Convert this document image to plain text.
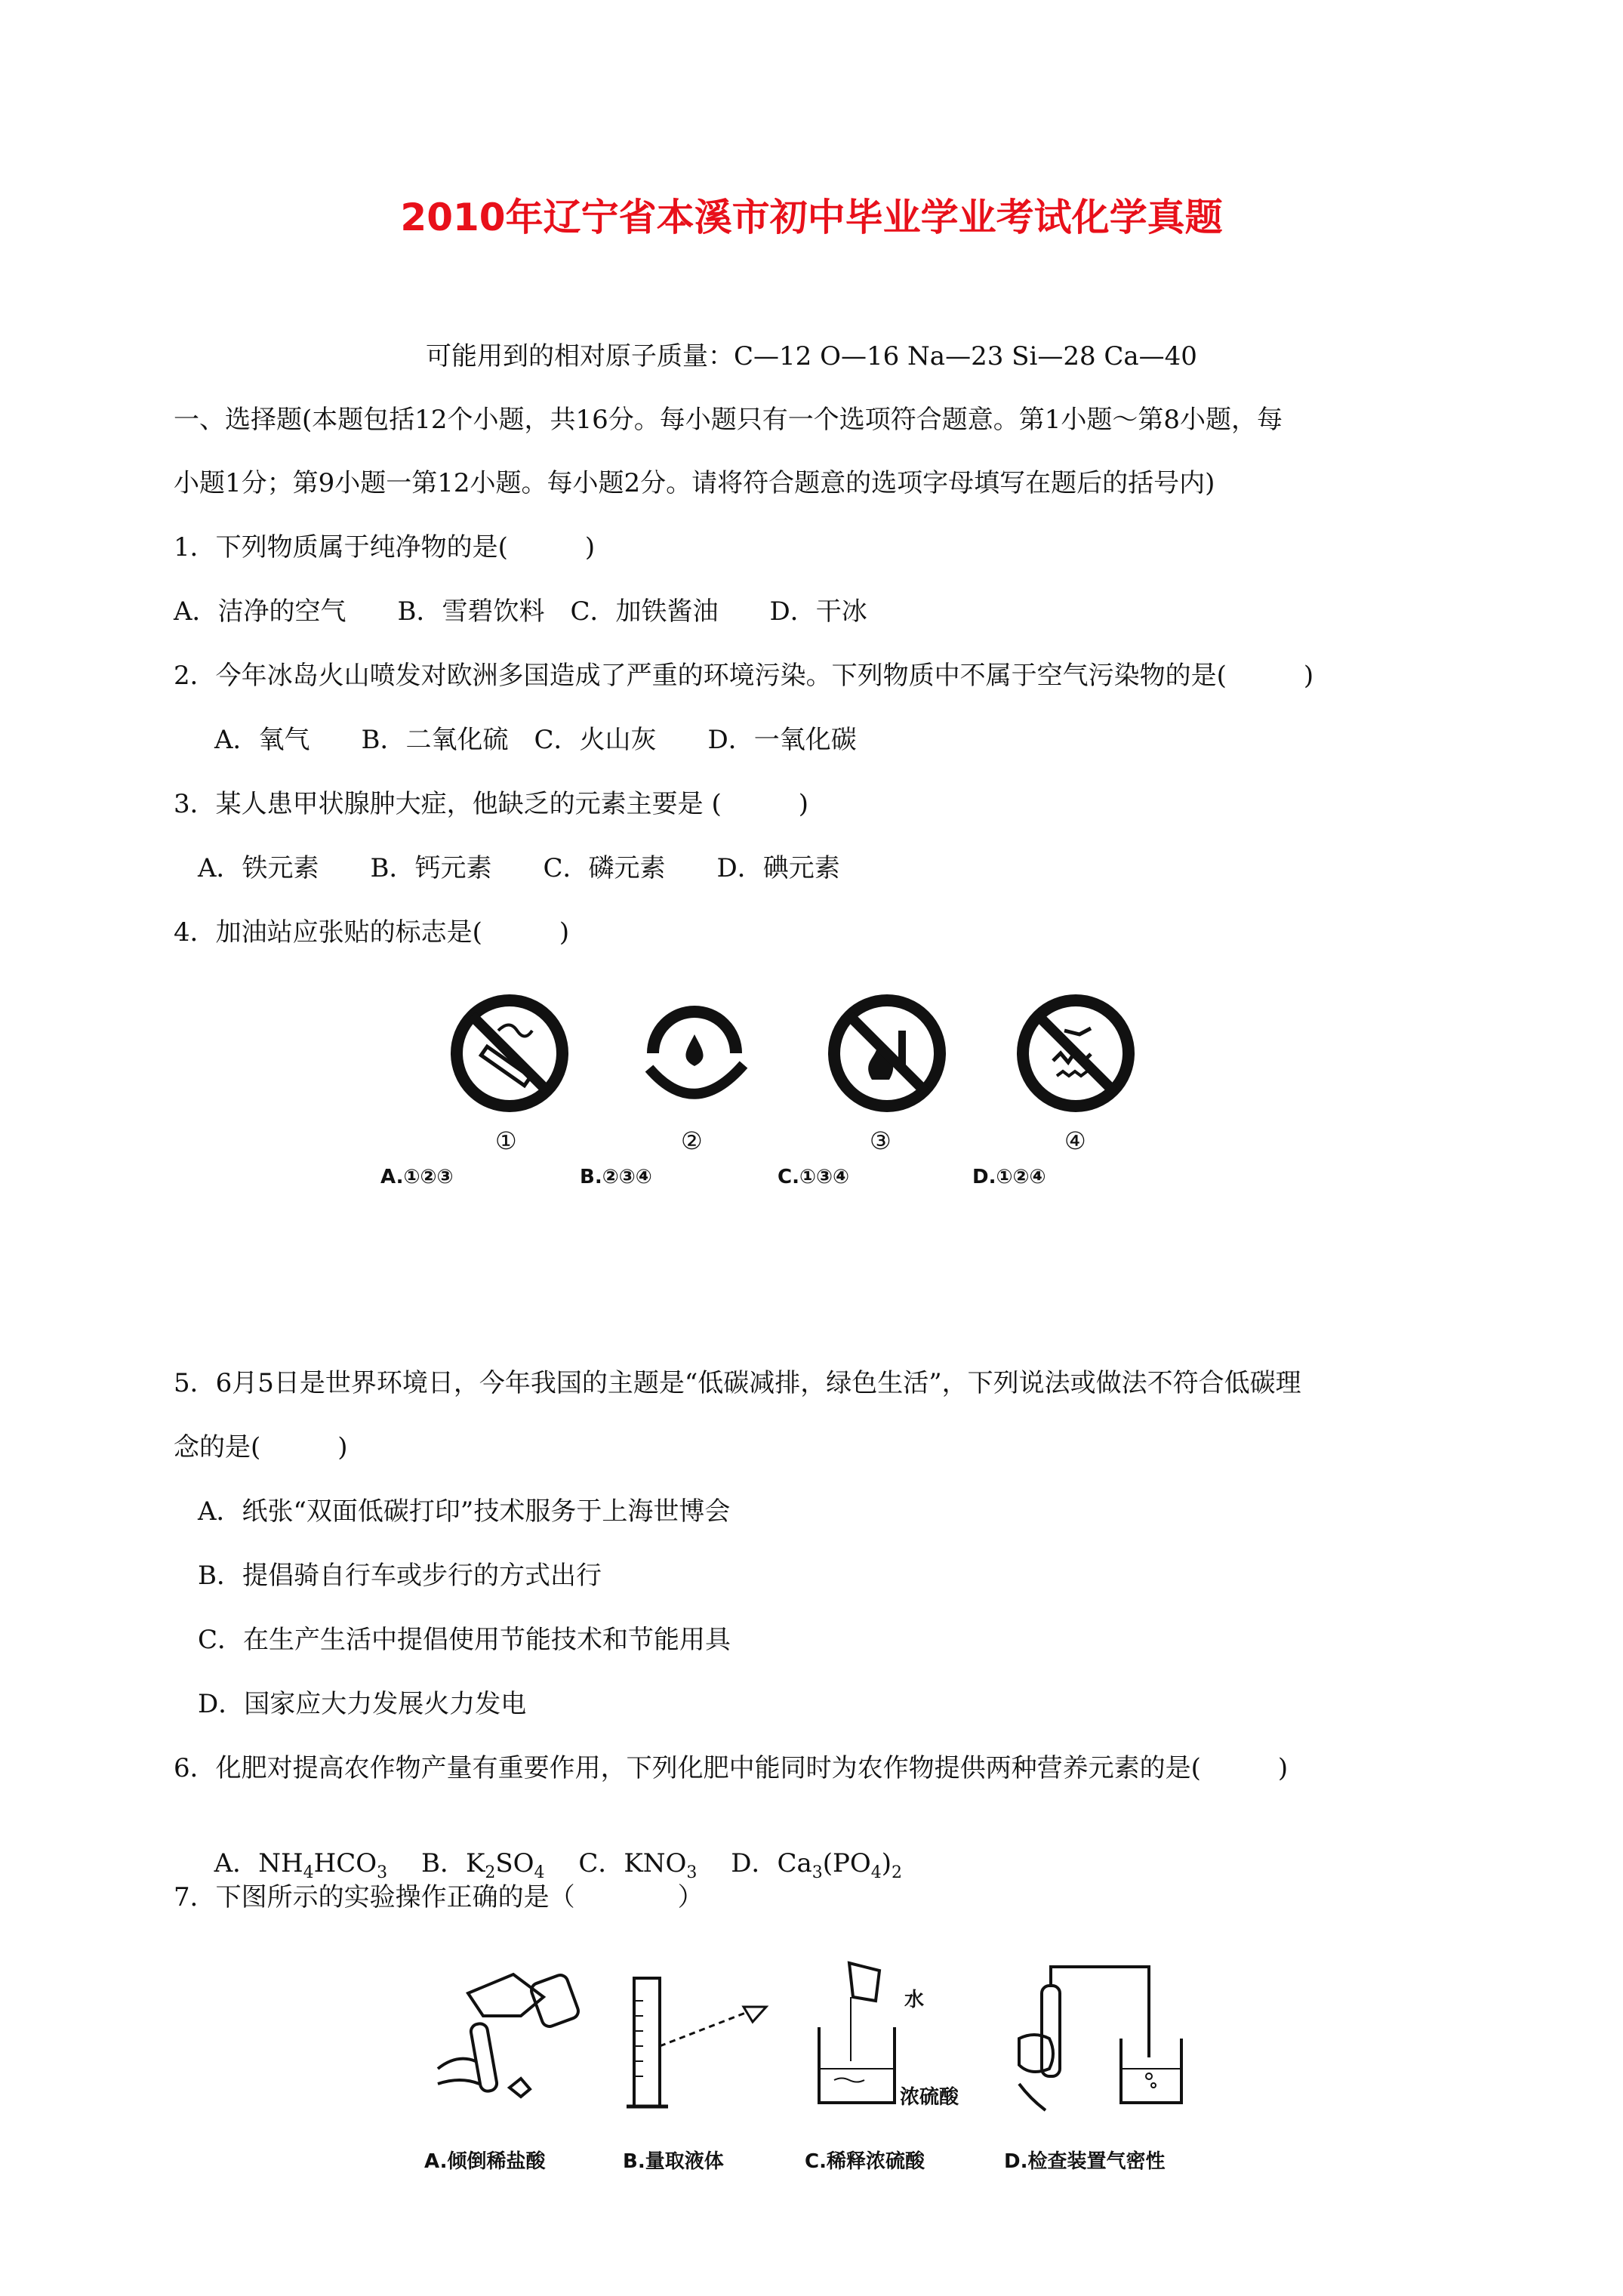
2010年辽宁省本溪市初中毕业学业考试化学真题
可能用到的相对原子质量：C—12 O—16 Na—23 Si—28 Ca—40
一、选择题(本题包括12个小题，共16分。每小题只有一个选项符合题意。第1小题～第8小题，每
小题1分；第9小题一第12小题。每小题2分。请将符合题意的选项字母填写在题后的括号内)
1．下列物质属于纯净物的是(　　　)
A．洁净的空气　　B．雪碧饮料　C．加铁酱油　　D．干冰
2．今年冰岛火山喷发对欧洲多国造成了严重的环境污染。下列物质中不属于空气污染物的是(　　　)
A．氧气　　B．二氧化硫　C．火山灰　　D．一氧化碳
3．某人患甲状腺肿大症，他缺乏的元素主要是 (　　　)
A．铁元素　　B．钙元素　　C．磷元素　　D．碘元素
4．加油站应张贴的标志是(　　　)
①	②	③	④
A.①②③	B.②③④	C.①③④	D.①②④
5．6月5日是世界环境日，今年我国的主题是“低碳减排，绿色生活”，下列说法或做法不符合低碳理
念的是(　　　)
A．纸张“双面低碳打印”技术服务于上海世博会
B．提倡骑自行车或步行的方式出行
C．在生产生活中提倡使用节能技术和节能用具
D．国家应大力发展火力发电
6．化肥对提高农作物产量有重要作用，下列化肥中能同时为农作物提供两种营养元素的是(　　　)

A．$NH_4HCO_3$　 B．$K_2SO_4$　 C．$KNO_3$　 D．$Ca_3(PO_4)_2$

7．下图所示的实验操作正确的是（　　　　）
水
浓硫酸
A.倾倒稀盐酸	B.量取液体	C.稀释浓硫酸	D.检查装置气密性
